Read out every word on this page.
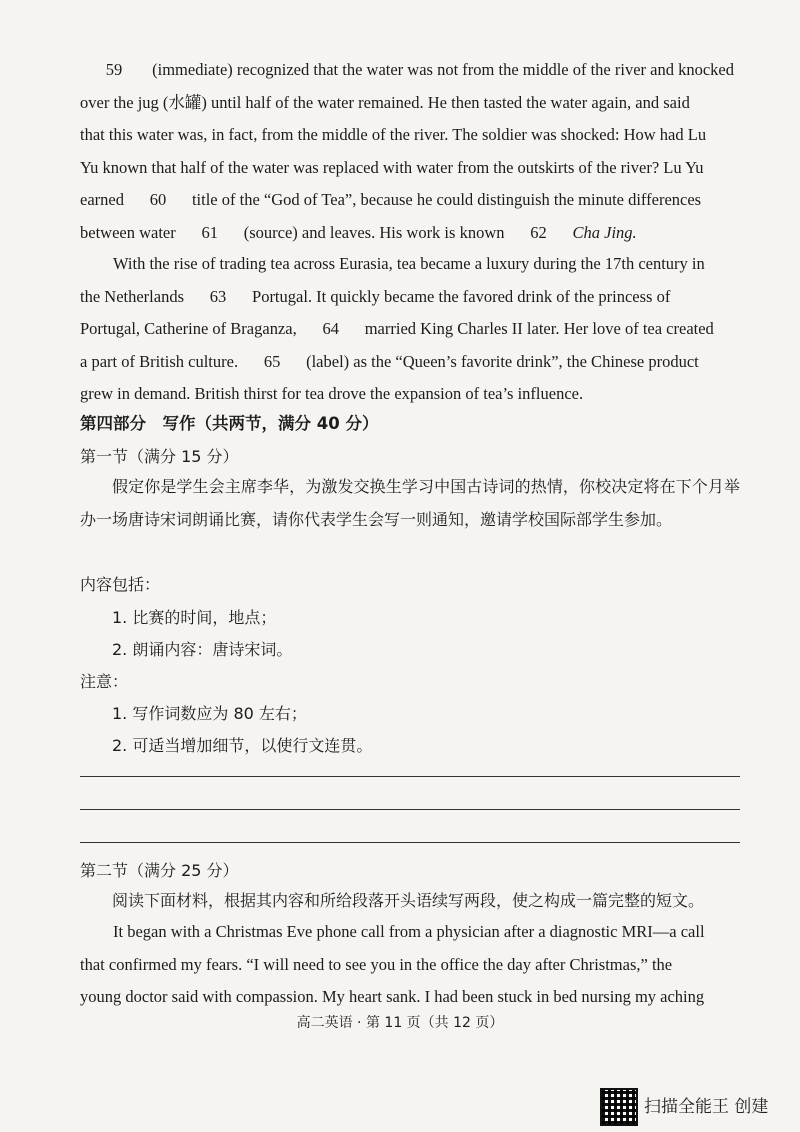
59 (immediate) recognized that the water was not from the middle of the river and knocked
over the jug (水罐) until half of the water remained. He then tasted the water again, and said
that this water was, in fact, from the middle of the river. The soldier was shocked: How had Lu
Yu known that half of the water was replaced with water from the outskirts of the river? Lu Yu
earned 60 title of the “God of Tea”, because he could distinguish the minute differences
between water 61 (source) and leaves. His work is known 62 Cha Jing.
With the rise of trading tea across Eurasia, tea became a luxury during the 17th century in
the Netherlands 63 Portugal. It quickly became the favored drink of the princess of
Portugal, Catherine of Braganza, 64 married King Charles II later. Her love of tea created
a part of British culture. 65 (label) as the “Queen’s favorite drink”, the Chinese product
grew in demand. British thirst for tea drove the expansion of tea’s influence.
第四部分　写作（共两节，满分 40 分）
第一节（满分 15 分）
假定你是学生会主席李华，为激发交换生学习中国古诗词的热情，你校决定将在下个月举办一场唐诗宋词朗诵比赛，请你代表学生会写一则通知，邀请学校国际部学生参加。
内容包括：
1. 比赛的时间，地点；
2. 朗诵内容：唐诗宋词。
注意：
1. 写作词数应为 80 左右；
2. 可适当增加细节，以使行文连贯。
第二节（满分 25 分）
阅读下面材料，根据其内容和所给段落开头语续写两段，使之构成一篇完整的短文。
It began with a Christmas Eve phone call from a physician after a diagnostic MRI—a call
that confirmed my fears. “I will need to see you in the office the day after Christmas,” the
young doctor said with compassion. My heart sank. I had been stuck in bed nursing my aching
高二英语 · 第 11 页（共 12 页）
扫描全能王 创建
